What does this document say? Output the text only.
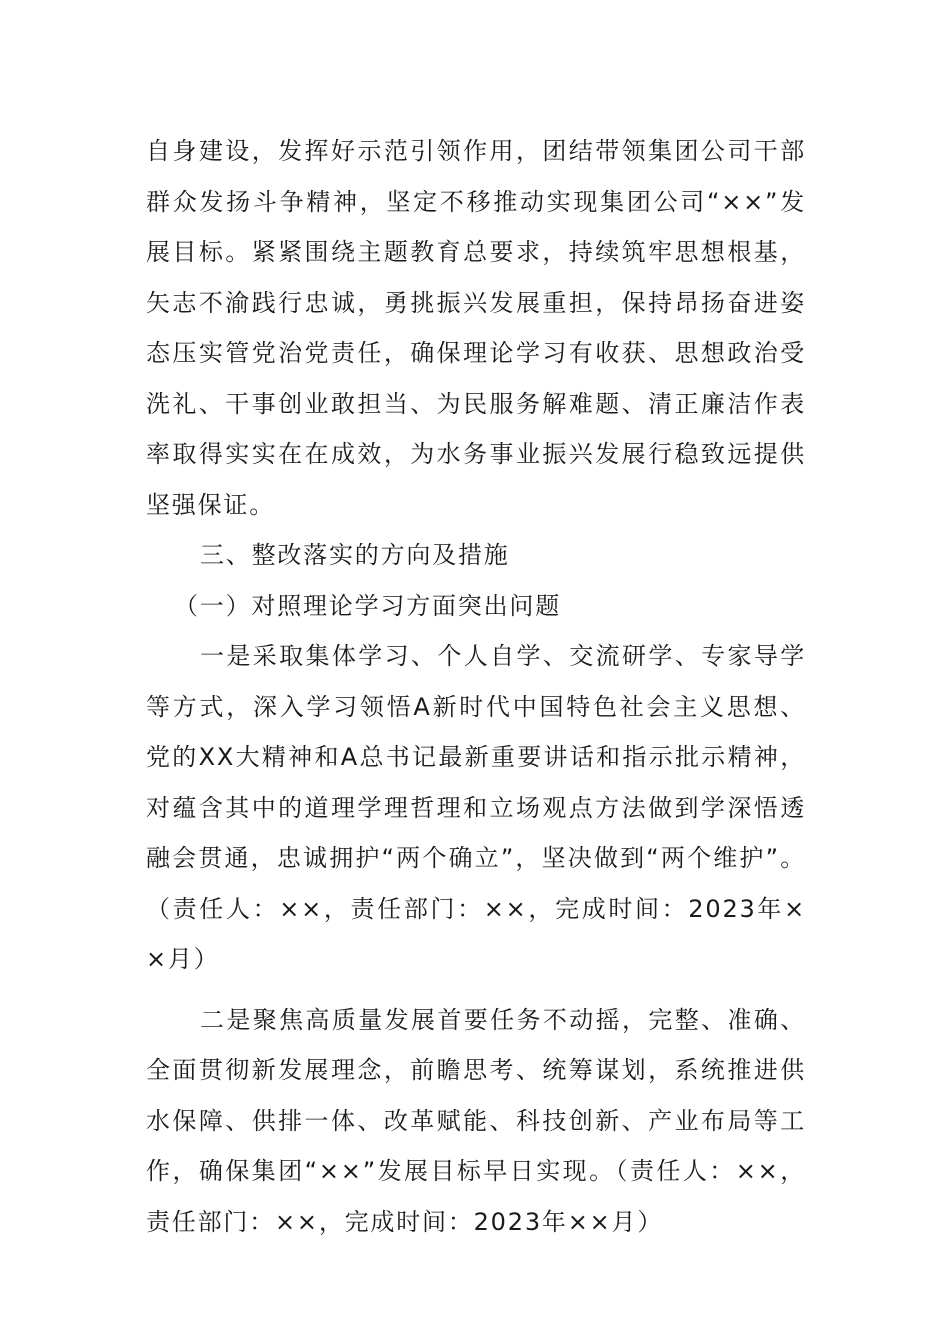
自身建设，发挥好示范引领作用，团结带领集团公司干部群众发扬斗争精神，坚定不移推动实现集团公司“××”发展目标。紧紧围绕主题教育总要求，持续筑牢思想根基，矢志不渝践行忠诚，勇挑振兴发展重担，保持昂扬奋进姿态压实管党治党责任，确保理论学习有收获、思想政治受洗礼、干事创业敢担当、为民服务解难题、清正廉洁作表率取得实实在在成效，为水务事业振兴发展行稳致远提供坚强保证。

三、整改落实的方向及措施

（一）对照理论学习方面突出问题

一是采取集体学习、个人自学、交流研学、专家导学等方式，深入学习领悟A新时代中国特色社会主义思想、党的XX大精神和A总书记最新重要讲话和指示批示精神，对蕴含其中的道理学理哲理和立场观点方法做到学深悟透融会贯通，忠诚拥护“两个确立”，坚决做到“两个维护”。（责任人：××，责任部门：××，完成时间：2023年××月）

二是聚焦高质量发展首要任务不动摇，完整、准确、全面贯彻新发展理念，前瞻思考、统筹谋划，系统推进供水保障、供排一体、改革赋能、科技创新、产业布局等工作，确保集团“××”发展目标早日实现。（责任人：××，责任部门：××，完成时间：2023年××月）
